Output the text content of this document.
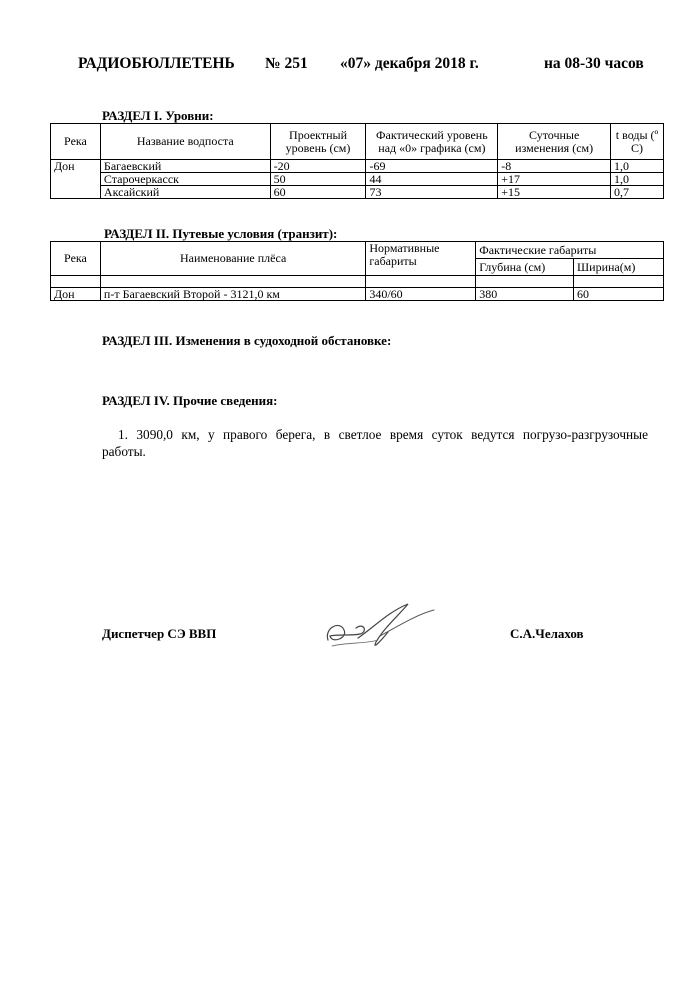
РАДИОБЮЛЛЕТЕНЬ № 251 «07» декабря 2018 г.	на 08-30 часов
РАЗДЕЛ I. Уровни:
Река	Название водпоста	Проектный уровень (см)	Фактический уровень над «0» графика (см)	Суточные изменения (см)	t воды (º С)
Дон	Багаевский	-20	-69	-8	1,0
	Старочеркасск	50	44	+17	1,0
	Аксайский	60	73	+15	0,7
РАЗДЕЛ II. Путевые условия (транзит):
Река	Наименование плёса	Нормативные габариты	Фактические габариты	
			Глубина (см)	Ширина(м)

Дон	п-т Багаевский Второй - 3121,0 км	340/60	380	60
РАЗДЕЛ III. Изменения в судоходной обстановке:
РАЗДЕЛ IV. Прочие сведения:
1. 3090,0 км, у правого берега, в светлое время суток ведутся погрузо-разгрузочные
работы.
Диспетчер СЭ ВВП	С.А.Челахов
